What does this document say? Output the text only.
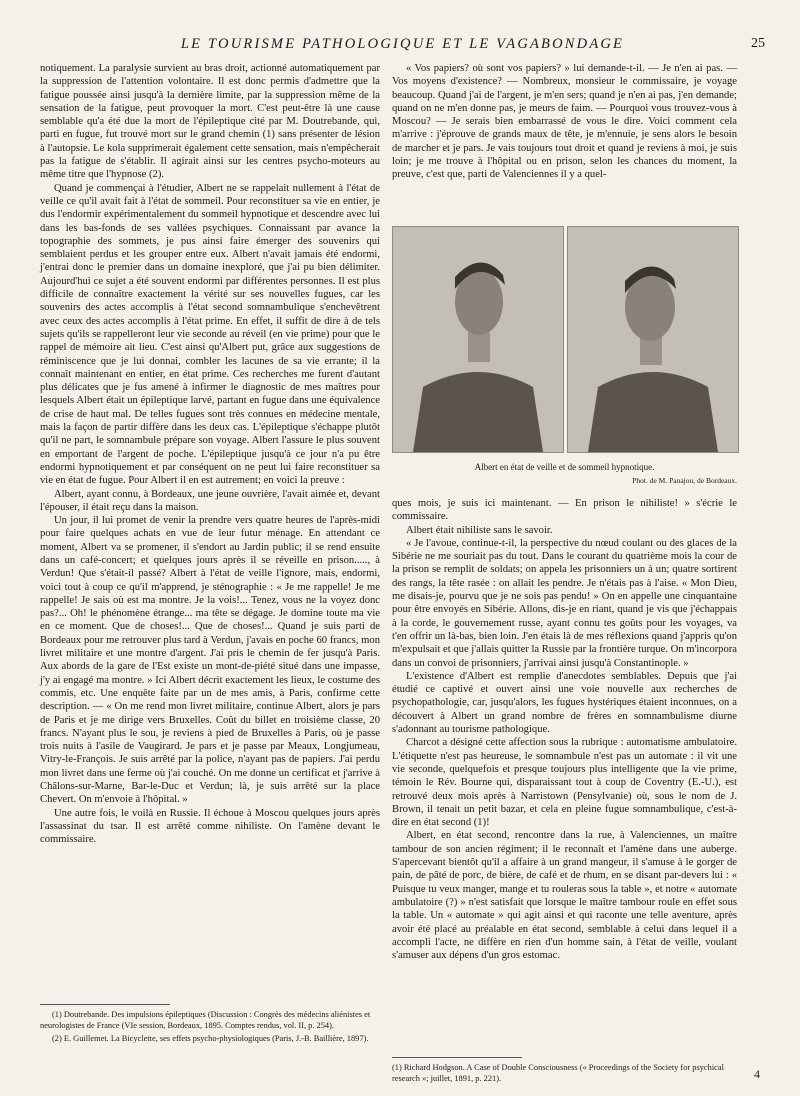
LE TOURISME PATHOLOGIQUE ET LE VAGABONDAGE	25

notiquement. La paralysie survient au bras droit, actionné automatiquement par la suppression de l'attention volontaire. Il est donc permis d'admettre que la fatigue poussée ainsi jusqu'à la dernière limite, par la suppression même de la sensation de la fatigue, peut provoquer la mort. C'est peut-être là une cause semblable qu'a été due la mort de l'épileptique cité par M. Doutrebande, qui, parti en fugue, fut trouvé mort sur le grand chemin (1) sans présenter de lésion à l'autopsie. Le kola supprimerait également cette sensation, mais n'empêcherait pas la fatigue de s'établir. Il agirait ainsi sur les centres psycho-moteurs au même titre que l'hypnose (2).

Quand je commençai à l'étudier, Albert ne se rappelait nullement à l'état de veille ce qu'il avait fait à l'état de sommeil. Pour reconstituer sa vie en entier, je dus l'endormir expérimentalement du sommeil hypnotique et descendre avec lui dans les bas-fonds de ses vallées psychiques. Connaissant par avance la topographie des sommets, je pus ainsi faire émerger des souvenirs qui semblaient perdus et les grouper entre eux. Albert n'avait jamais été endormi, j'entrai donc le premier dans un domaine inexploré, que j'ai pu bien délimiter. Aujourd'hui ce sujet a été souvent endormi par différentes personnes. Il est plus difficile de connaître exactement la vérité sur ses nouvelles fugues, car les souvenirs des actes accomplis à l'état second somnambulique s'enchevêtrent avec ceux des actes accomplis à l'état prime. En effet, il suffit de dire à de tels sujets qu'ils se rappelleront leur vie seconde au réveil (en vie prime) pour que le rappel de mémoire ait lieu. C'est ainsi qu'Albert put, grâce aux suggestions de réminiscence que je lui donnai, combler les lacunes de sa vie errante; il la connaît maintenant en entier, en état prime. Ces recherches me furent d'autant plus délicates que je fus amené à infirmer le diagnostic de mes maîtres pour lesquels Albert était un épileptique larvé, partant en fugue dans une équivalence de crise de haut mal. De telles fugues sont très connues en médecine mentale, mais la façon de partir diffère dans les deux cas. L'épileptique s'échappe plutôt qu'il ne part, le somnambule prépare son voyage. Albert l'assure le plus souvent en emportant de l'argent de poche. L'épileptique jusqu'à ce jour n'a pu être endormi hypnotiquement et par conséquent on ne peut lui faire reconstituer sa vie en état de fugue. Pour Albert il en est autrement; en voici la preuve :

Albert, ayant connu, à Bordeaux, une jeune ouvrière, l'avait aimée et, devant l'épouser, il était reçu dans la maison.

Un jour, il lui promet de venir la prendre vers quatre heures de l'après-midi pour faire quelques achats en vue de leur futur ménage. En attendant ce moment, Albert va se promener, il s'endort au Jardin public; il se rend ensuite dans un café-concert; et quelques jours après il se réveille en prison....., à Verdun! Que s'était-il passé? Albert à l'état de veille l'ignore, mais, endormi, voici tout à coup ce qu'il m'apprend, je sténographie : « Je me rappelle! Je me rappelle! Je sais où est ma montre. Je la vois!... Tenez, vous ne la voyez donc pas?... Oh! le phénomène étrange... ma tête se dégage. Je domine toute ma vie en ce moment. Que de choses!... Que de choses!... Quand je suis parti de Bordeaux pour me retrouver plus tard à Verdun, j'avais en poche 60 francs, mon livret militaire et une montre d'argent. J'ai pris le chemin de fer jusqu'à Paris. Aux abords de la gare de l'Est existe un mont-de-piété situé dans une impasse, j'y ai engagé ma montre. » Ici Albert décrit exactement les lieux, le costume des commis, etc. Une enquête faite par un de mes amis, à Paris, confirme cette description. — « On me rend mon livret militaire, continue Albert, alors je pars de Paris et je me dirige vers Bruxelles. Coût du billet en troisième classe, 20 francs. N'ayant plus le sou, je reviens à pied de Bruxelles à Paris, où je passe trois nuits à l'asile de Vaugirard. Je pars et je passe par Meaux, Longjumeau, Vitry-le-François. Je suis arrêté par la police, n'ayant pas de papiers. J'ai perdu mon livret dans une ferme où j'ai couché. On me donne un certificat et j'arrive à Châlons-sur-Marne, Bar-le-Duc et Verdun; là, je suis arrêté sur la place Chevert. On m'envoie à l'hôpital. »

Une autre fois, le voilà en Russie. Il échoue à Moscou quelques jours après l'assassinat du tsar. Il est arrêté comme nihiliste. On l'amène devant le commissaire.

« Vos papiers? où sont vos papiers? » lui demande-t-il. — Je n'en ai pas. — Vos moyens d'existence? — Nombreux, monsieur le commissaire, je voyage beaucoup. Quand j'ai de l'argent, je m'en sers; quand je n'en ai pas, j'en demande; quand on ne m'en donne pas, je meurs de faim. — Pourquoi vous trouvez-vous à Moscou? — Je serais bien embarrassé de vous le dire. Voici comment cela m'arrive : j'éprouve de grands maux de tête, je m'ennuie, je sens alors le besoin de marcher et je pars. Je vais toujours tout droit et quand je reviens à moi, je suis loin; je me trouve à l'hôpital ou en prison, selon les chances du moment, la preuve, c'est que, parti de Valenciennes il y a quel-

Albert en état de veille et de sommeil hypnotique.
Phot. de M. Panajou, de Bordeaux.

ques mois, je suis ici maintenant. — En prison le nihiliste! » s'écrie le commissaire.

Albert était nihiliste sans le savoir.

« Je l'avoue, continue-t-il, la perspective du nœud coulant ou des glaces de la Sibérie ne me souriait pas du tout. Dans le courant du quatrième mois la cour de la prison se remplit de soldats; on appela les prisonniers un à un; quatre sortirent des rangs, la tête rasée : on allait les pendre. Je n'étais pas à l'aise. « Mon Dieu, me disais-je, pourvu que je ne sois pas pendu! » On en appelle une cinquantaine pour être envoyés en Sibérie. Allons, dis-je en riant, quand je vis que j'échappais à la corde, le gouvernement russe, ayant connu tes goûts pour les voyages, va t'en offrir un là-bas, bien loin. J'en étais là de mes réflexions quand j'appris qu'on m'expulsait et que j'allais quitter la Russie par la frontière turque. On m'incorpora dans un convoi de prisonniers, j'arrivai ainsi jusqu'à Constantinople. »

L'existence d'Albert est remplie d'anecdotes semblables. Depuis que j'ai étudié ce captivé et ouvert ainsi une voie nouvelle aux recherches de psychopathologie, car, jusqu'alors, les fugues hystériques étaient inconnues, on a découvert à Albert un grand nombre de frères en somnambulisme diurne s'adonnant au tourisme pathologique.

Charcot a désigné cette affection sous la rubrique : automatisme ambulatoire. L'étiquette n'est pas heureuse, le somnambule n'est pas un automate : il vit une vie seconde, quelquefois et presque toujours plus intelligente que la vie prime, témoin le Rév. Bourne qui, disparaissant tout à coup de Coventry (E.-U.), est retrouvé deux mois après à Narristown (Pensylvanie) où, sous le nom de J. Brown, il tenait un petit bazar, et cela en pleine fugue somnambulique, c'est-à-dire en état second (1)!

Albert, en état second, rencontre dans la rue, à Valenciennes, un maître tambour de son ancien régiment; il le reconnaît et l'amène dans une auberge. S'apercevant bientôt qu'il a affaire à un grand mangeur, il s'amuse à le gorger de pain, de pâté de porc, de bière, de café et de rhum, en se disant par-devers lui : « Puisque tu veux manger, mange et tu rouleras sous la table », et notre « automate ambulatoire (?) » n'est satisfait que lorsque le maître tambour roule en effet sous la table. Un « automate » qui agit ainsi et qui raconte une telle aventure, après avoir été placé au préalable en état second, semblable à celui dans lequel il a accompli l'acte, ne diffère en rien d'un homme sain, à l'état de veille, voulant s'amuser aux dépens d'un gros estomac.

(1) Doutrebande. Des impulsions épileptiques (Discussion : Congrès des médecins aliénistes et neurologistes de France (VIe session, Bordeaux, 1895. Comptes rendus, vol. II, p. 254).

(2) E. Guillemet. La Bicyclette, ses effets psycho-physiologiques (Paris, J.-B. Baillière, 1897).

(1) Richard Hodgson. A Case of Double Consciousness (« Proceedings of the Society for psychical research »; juillet, 1891, p. 221).	4
